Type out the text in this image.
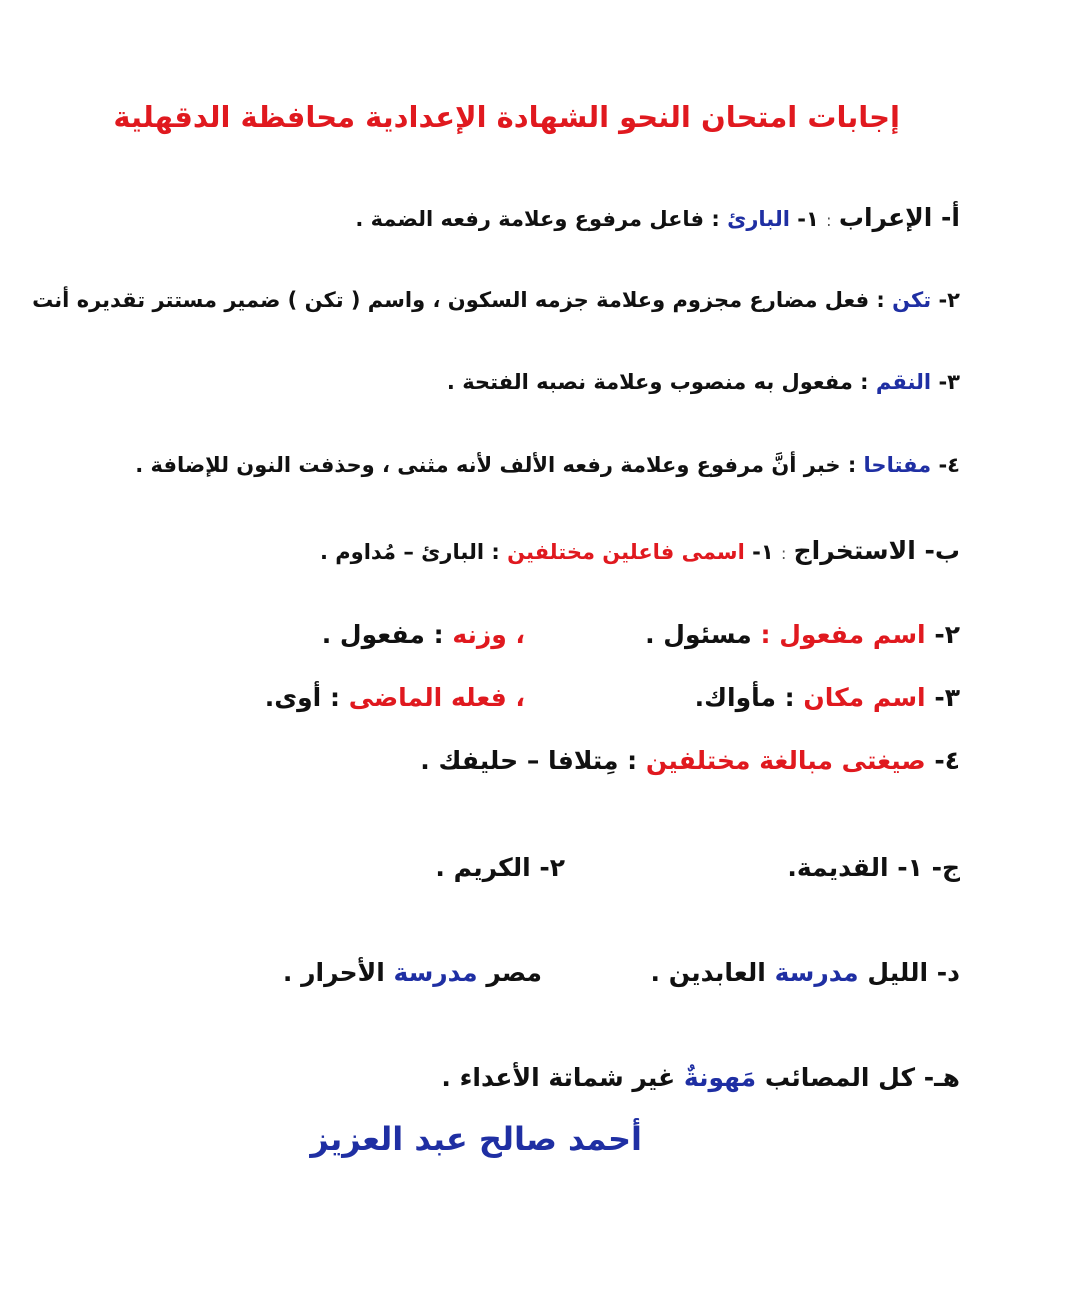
إجابات امتحان النحو الشهادة الإعدادية محافظة الدقهلية
أ- الإعراب : ١- البارئ : فاعل مرفوع وعلامة رفعه الضمة .
٢- تكن : فعل مضارع مجزوم وعلامة جزمه السكون ، واسم ( تكن ) ضمير مستتر تقديره أنت
٣- النقم : مفعول به منصوب وعلامة نصبه الفتحة .
٤- مفتاحا : خبر أنَّ مرفوع وعلامة رفعه الألف لأنه مثنى ، وحذفت النون للإضافة .
ب- الاستخراج : ١- اسمى فاعلين مختلفين : البارئ – مُداوم .
٢- اسم مفعول : مسئول .
، وزنه : مفعول .
٣- اسم مكان : مأواك.
، فعله الماضى : أوى.
٤- صيغتى مبالغة مختلفين : مِتلافا – حليفك .
ج- ١- القديمة.
٢- الكريم .
د- الليل مدرسة العابدين .
مصر مدرسة الأحرار .
هـ- كل المصائب مَهونةٌ غير شماتة الأعداء .
أحمد صالح عبد العزيز
